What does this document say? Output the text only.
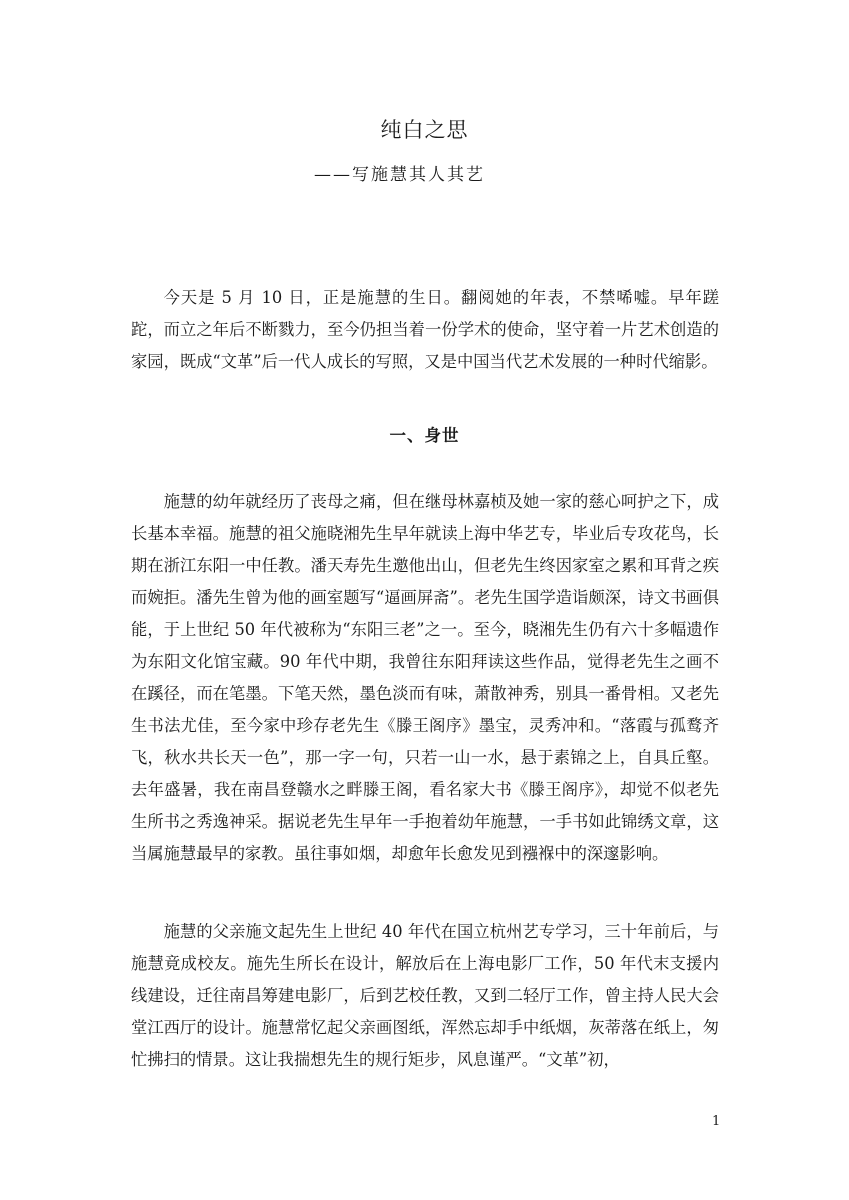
纯白之思
——写施慧其人其艺

今天是 5 月 10 日，正是施慧的生日。翻阅她的年表，不禁唏嘘。早年蹉跎，而立之年后不断戮力，至今仍担当着一份学术的使命，坚守着一片艺术创造的家园，既成“文革”后一代人成长的写照，又是中国当代艺术发展的一种时代缩影。

一、身世

施慧的幼年就经历了丧母之痛，但在继母林嘉桢及她一家的慈心呵护之下，成长基本幸福。施慧的祖父施晓湘先生早年就读上海中华艺专，毕业后专攻花鸟，长期在浙江东阳一中任教。潘天寿先生邀他出山，但老先生终因家室之累和耳背之疾而婉拒。潘先生曾为他的画室题写“逼画屏斋”。老先生国学造诣颇深，诗文书画俱能，于上世纪 50 年代被称为“东阳三老”之一。至今，晓湘先生仍有六十多幅遗作为东阳文化馆宝藏。90 年代中期，我曾往东阳拜读这些作品，觉得老先生之画不在蹊径，而在笔墨。下笔天然，墨色淡而有味，萧散神秀，别具一番骨相。又老先生书法尤佳，至今家中珍存老先生《滕王阁序》墨宝，灵秀冲和。“落霞与孤鹜齐飞，秋水共长天一色”，那一字一句，只若一山一水，悬于素锦之上，自具丘壑。去年盛暑，我在南昌登赣水之畔滕王阁，看名家大书《滕王阁序》，却觉不似老先生所书之秀逸神采。据说老先生早年一手抱着幼年施慧，一手书如此锦绣文章，这当属施慧最早的家教。虽往事如烟，却愈年长愈发见到襁褓中的深邃影响。

施慧的父亲施文起先生上世纪 40 年代在国立杭州艺专学习，三十年前后，与施慧竟成校友。施先生所长在设计，解放后在上海电影厂工作，50 年代末支援内线建设，迁往南昌筹建电影厂，后到艺校任教，又到二轻厅工作，曾主持人民大会堂江西厅的设计。施慧常忆起父亲画图纸，浑然忘却手中纸烟，灰蒂落在纸上，匆忙拂扫的情景。这让我揣想先生的规行矩步，风息谨严。“文革”初，

1
